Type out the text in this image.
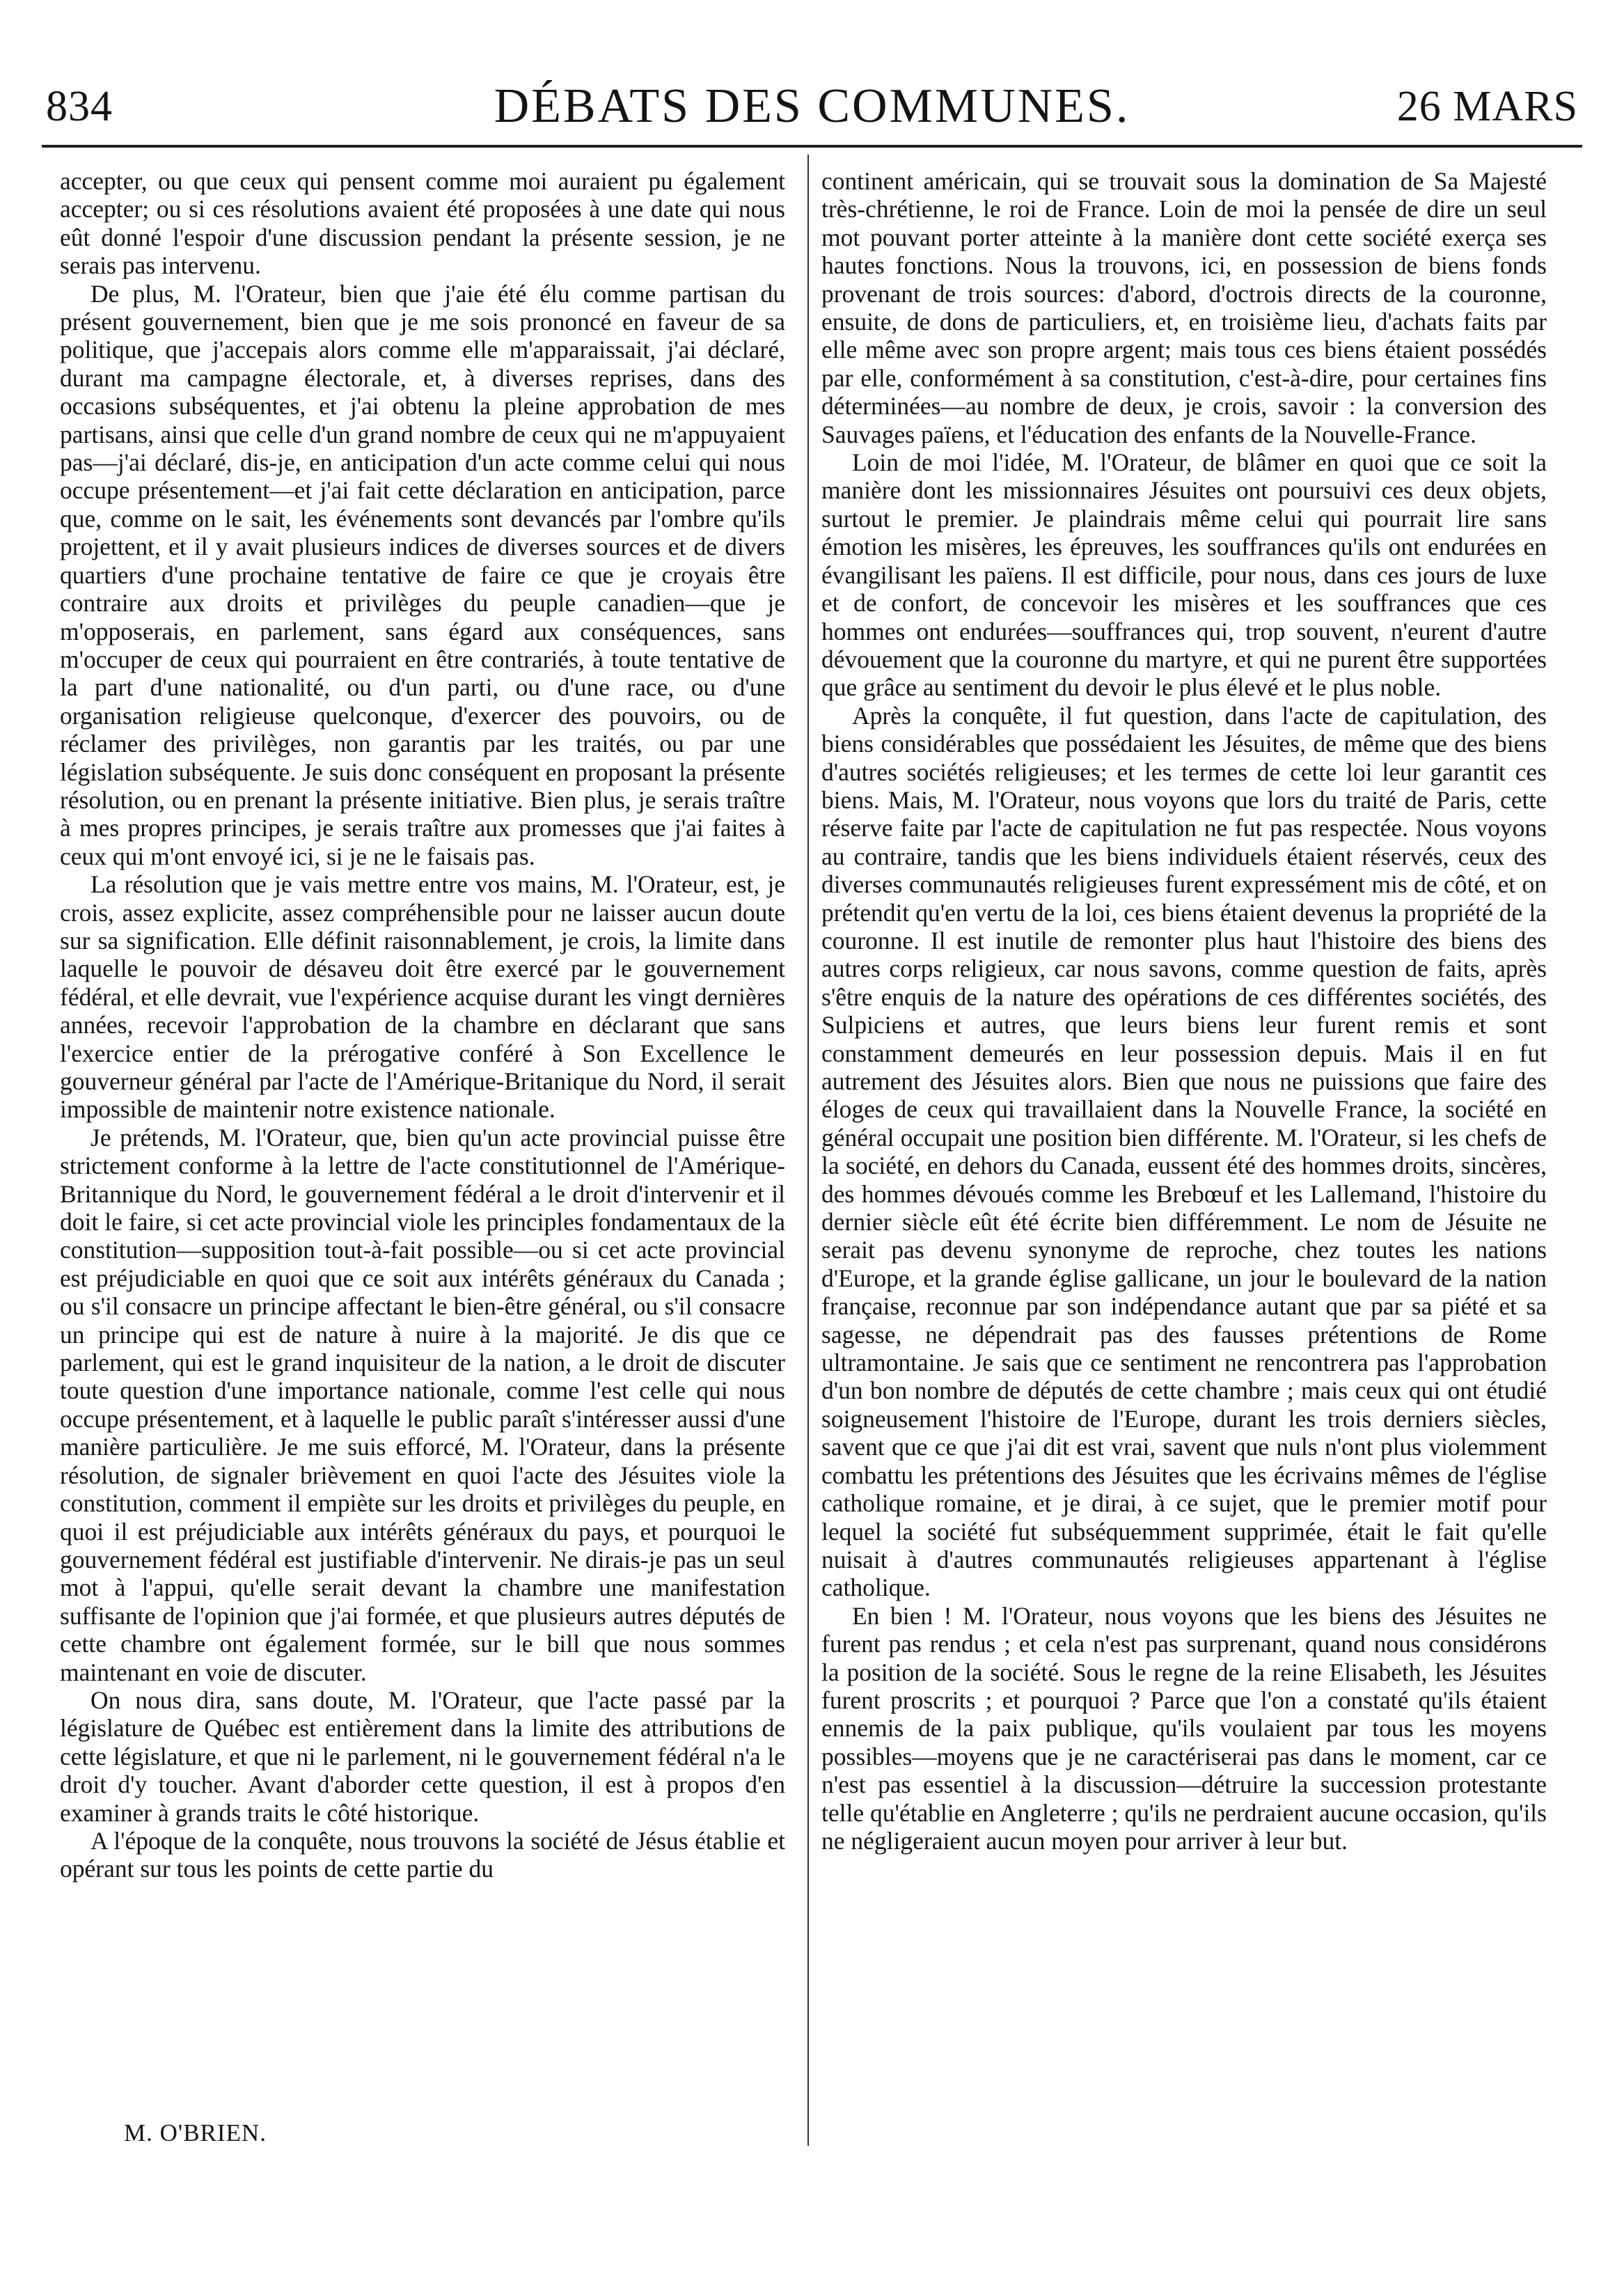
834	DÉBATS DES COMMUNES.	26 MARS

accepter, ou que ceux qui pensent comme moi auraient pu également accepter; ou si ces résolutions avaient été proposées à une date qui nous eût donné l'espoir d'une discussion pendant la présente session, je ne serais pas intervenu.

De plus, M. l'Orateur, bien que j'aie été élu comme partisan du présent gouvernement, bien que je me sois prononcé en faveur de sa politique, que j'accepais alors comme elle m'apparaissait, j'ai déclaré, durant ma campagne électorale, et, à diverses reprises, dans des occasions subséquentes, et j'ai obtenu la pleine approbation de mes partisans, ainsi que celle d'un grand nombre de ceux qui ne m'appuyaient pas—j'ai déclaré, dis-je, en anticipation d'un acte comme celui qui nous occupe présentement—et j'ai fait cette déclaration en anticipation, parce que, comme on le sait, les événements sont devancés par l'ombre qu'ils projettent, et il y avait plusieurs indices de diverses sources et de divers quartiers d'une prochaine tentative de faire ce que je croyais être contraire aux droits et privilèges du peuple canadien—que je m'opposerais, en parlement, sans égard aux conséquences, sans m'occuper de ceux qui pourraient en être contrariés, à toute tentative de la part d'une nationalité, ou d'un parti, ou d'une race, ou d'une organisation religieuse quelconque, d'exercer des pouvoirs, ou de réclamer des privilèges, non garantis par les traités, ou par une législation subséquente. Je suis donc conséquent en proposant la présente résolution, ou en prenant la présente initiative. Bien plus, je serais traître à mes propres principes, je serais traître aux promesses que j'ai faites à ceux qui m'ont envoyé ici, si je ne le faisais pas.

La résolution que je vais mettre entre vos mains, M. l'Orateur, est, je crois, assez explicite, assez compréhensible pour ne laisser aucun doute sur sa signification. Elle définit raisonnablement, je crois, la limite dans laquelle le pouvoir de désaveu doit être exercé par le gouvernement fédéral, et elle devrait, vue l'expérience acquise durant les vingt dernières années, recevoir l'approbation de la chambre en déclarant que sans l'exercice entier de la prérogative conféré à Son Excellence le gouverneur général par l'acte de l'Amérique-Britanique du Nord, il serait impossible de maintenir notre existence nationale.

Je prétends, M. l'Orateur, que, bien qu'un acte provincial puisse être strictement conforme à la lettre de l'acte constitutionnel de l'Amérique-Britannique du Nord, le gouvernement fédéral a le droit d'intervenir et il doit le faire, si cet acte provincial viole les principles fondamentaux de la constitution—supposition tout-à-fait possible—ou si cet acte provincial est préjudiciable en quoi que ce soit aux intérêts généraux du Canada ; ou s'il consacre un principe affectant le bien-être général, ou s'il consacre un principe qui est de nature à nuire à la majorité. Je dis que ce parlement, qui est le grand inquisiteur de la nation, a le droit de discuter toute question d'une importance nationale, comme l'est celle qui nous occupe présentement, et à laquelle le public paraît s'intéresser aussi d'une manière particulière. Je me suis efforcé, M. l'Orateur, dans la présente résolution, de signaler brièvement en quoi l'acte des Jésuites viole la constitution, comment il empiète sur les droits et privilèges du peuple, en quoi il est préjudiciable aux intérêts généraux du pays, et pourquoi le gouvernement fédéral est justifiable d'intervenir. Ne dirais-je pas un seul mot à l'appui, qu'elle serait devant la chambre une manifestation suffisante de l'opinion que j'ai formée, et que plusieurs autres députés de cette chambre ont également formée, sur le bill que nous sommes maintenant en voie de discuter.

On nous dira, sans doute, M. l'Orateur, que l'acte passé par la législature de Québec est entièrement dans la limite des attributions de cette législature, et que ni le parlement, ni le gouvernement fédéral n'a le droit d'y toucher. Avant d'aborder cette question, il est à propos d'en examiner à grands traits le côté historique.

A l'époque de la conquête, nous trouvons la société de Jésus établie et opérant sur tous les points de cette partie du

continent américain, qui se trouvait sous la domination de Sa Majesté très-chrétienne, le roi de France. Loin de moi la pensée de dire un seul mot pouvant porter atteinte à la manière dont cette société exerça ses hautes fonctions. Nous la trouvons, ici, en possession de biens fonds provenant de trois sources: d'abord, d'octrois directs de la couronne, ensuite, de dons de particuliers, et, en troisième lieu, d'achats faits par elle même avec son propre argent; mais tous ces biens étaient possédés par elle, conformément à sa constitution, c'est-à-dire, pour certaines fins déterminées—au nombre de deux, je crois, savoir : la conversion des Sauvages païens, et l'éducation des enfants de la Nouvelle-France.

Loin de moi l'idée, M. l'Orateur, de blâmer en quoi que ce soit la manière dont les missionnaires Jésuites ont poursuivi ces deux objets, surtout le premier. Je plaindrais même celui qui pourrait lire sans émotion les misères, les épreuves, les souffrances qu'ils ont endurées en évangilisant les païens. Il est difficile, pour nous, dans ces jours de luxe et de confort, de concevoir les misères et les souffrances que ces hommes ont endurées—souffrances qui, trop souvent, n'eurent d'autre dévouement que la couronne du martyre, et qui ne purent être supportées que grâce au sentiment du devoir le plus élevé et le plus noble.

Après la conquête, il fut question, dans l'acte de capitulation, des biens considérables que possédaient les Jésuites, de même que des biens d'autres sociétés religieuses; et les termes de cette loi leur garantit ces biens. Mais, M. l'Orateur, nous voyons que lors du traité de Paris, cette réserve faite par l'acte de capitulation ne fut pas respectée. Nous voyons au contraire, tandis que les biens individuels étaient réservés, ceux des diverses communautés religieuses furent expressément mis de côté, et on prétendit qu'en vertu de la loi, ces biens étaient devenus la propriété de la couronne. Il est inutile de remonter plus haut l'histoire des biens des autres corps religieux, car nous savons, comme question de faits, après s'être enquis de la nature des opérations de ces différentes sociétés, des Sulpiciens et autres, que leurs biens leur furent remis et sont constamment demeurés en leur possession depuis. Mais il en fut autrement des Jésuites alors. Bien que nous ne puissions que faire des éloges de ceux qui travaillaient dans la Nouvelle France, la société en général occupait une position bien différente. M. l'Orateur, si les chefs de la société, en dehors du Canada, eussent été des hommes droits, sincères, des hommes dévoués comme les Brebœuf et les Lallemand, l'histoire du dernier siècle eût été écrite bien différemment. Le nom de Jésuite ne serait pas devenu synonyme de reproche, chez toutes les nations d'Europe, et la grande église gallicane, un jour le boulevard de la nation française, reconnue par son indépendance autant que par sa piété et sa sagesse, ne dépendrait pas des fausses prétentions de Rome ultramontaine. Je sais que ce sentiment ne rencontrera pas l'approbation d'un bon nombre de députés de cette chambre ; mais ceux qui ont étudié soigneusement l'histoire de l'Europe, durant les trois derniers siècles, savent que ce que j'ai dit est vrai, savent que nuls n'ont plus violemment combattu les prétentions des Jésuites que les écrivains mêmes de l'église catholique romaine, et je dirai, à ce sujet, que le premier motif pour lequel la société fut subséquemment supprimée, était le fait qu'elle nuisait à d'autres communautés religieuses appartenant à l'église catholique.

En bien ! M. l'Orateur, nous voyons que les biens des Jésuites ne furent pas rendus ; et cela n'est pas surprenant, quand nous considérons la position de la société. Sous le regne de la reine Elisabeth, les Jésuites furent proscrits ; et pourquoi ? Parce que l'on a constaté qu'ils étaient ennemis de la paix publique, qu'ils voulaient par tous les moyens possibles—moyens que je ne caractériserai pas dans le moment, car ce n'est pas essentiel à la discussion—détruire la succession protestante telle qu'établie en Angleterre ; qu'ils ne perdraient aucune occasion, qu'ils ne négligeraient aucun moyen pour arriver à leur but.

M. O'BRIEN.
